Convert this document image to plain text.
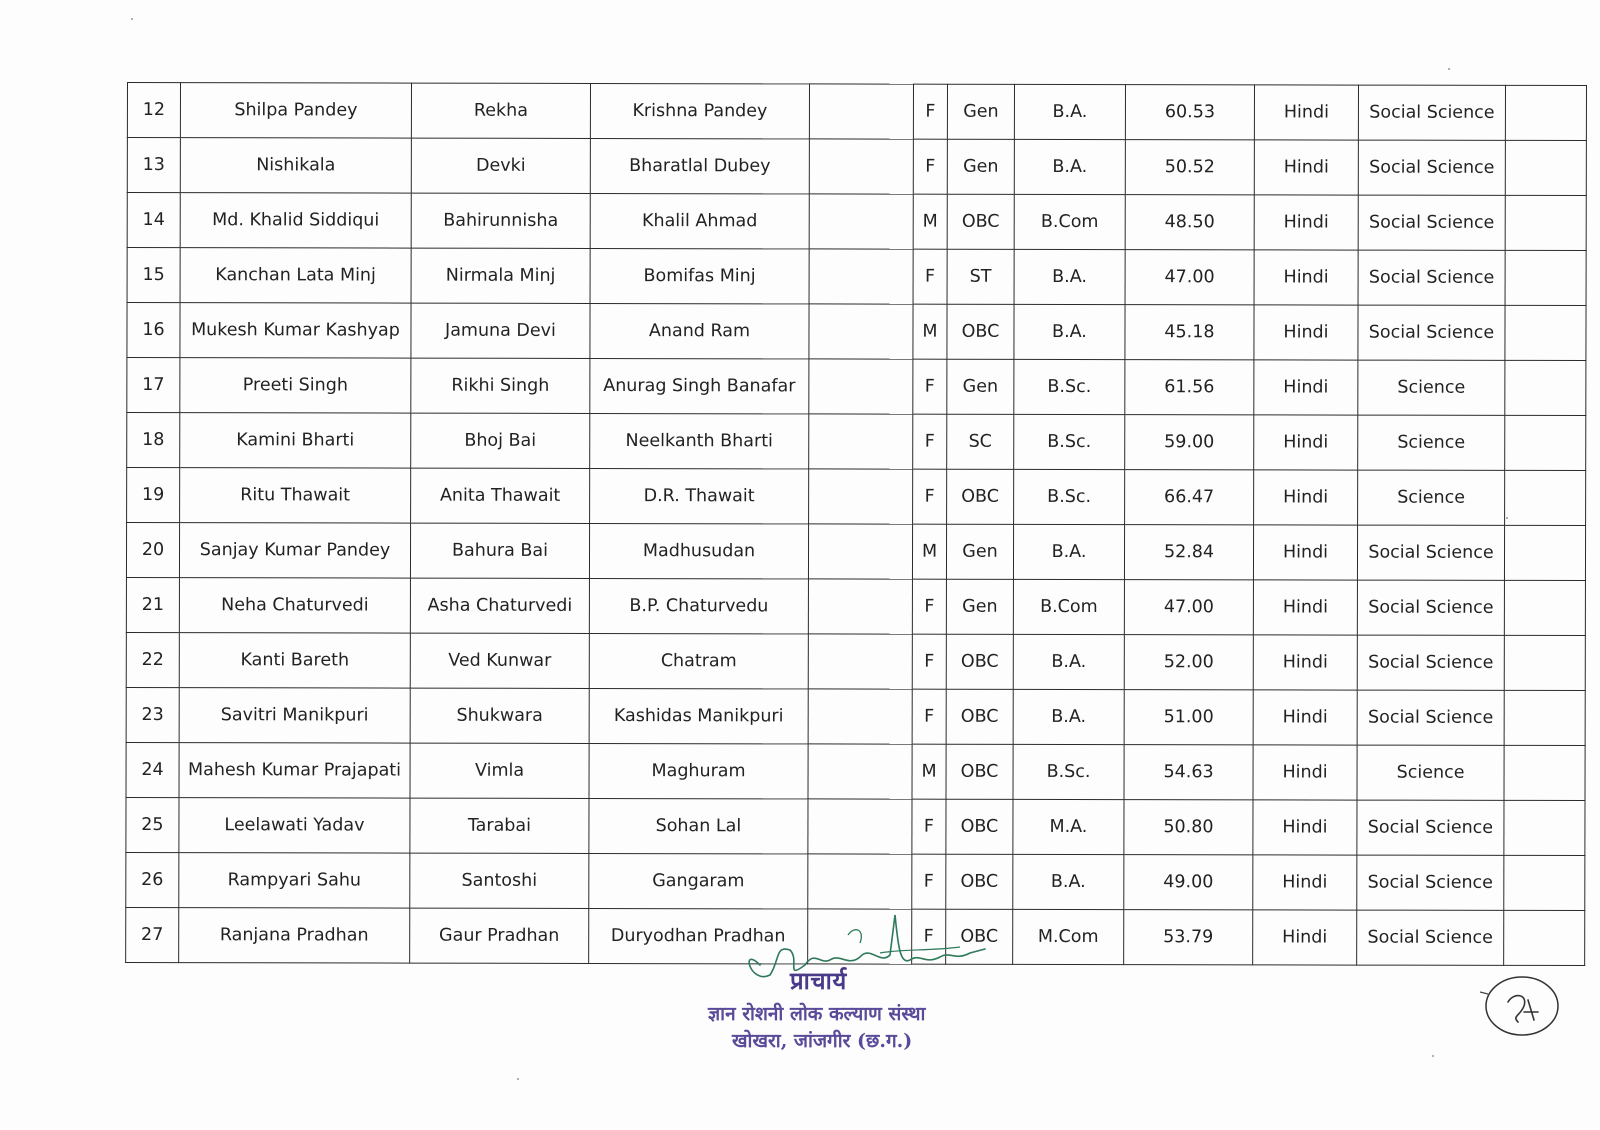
12	Shilpa Pandey	Rekha	Krishna Pandey		F	Gen	B.A.	60.53	Hindi	Social Science	
13	Nishikala	Devki	Bharatlal Dubey		F	Gen	B.A.	50.52	Hindi	Social Science	
14	Md. Khalid Siddiqui	Bahirunnisha	Khalil Ahmad		M	OBC	B.Com	48.50	Hindi	Social Science	
15	Kanchan Lata Minj	Nirmala Minj	Bomifas Minj		F	ST	B.A.	47.00	Hindi	Social Science	
16	Mukesh Kumar Kashyap	Jamuna Devi	Anand Ram		M	OBC	B.A.	45.18	Hindi	Social Science	
17	Preeti Singh	Rikhi Singh	Anurag Singh Banafar		F	Gen	B.Sc.	61.56	Hindi	Science	
18	Kamini Bharti	Bhoj Bai	Neelkanth Bharti		F	SC	B.Sc.	59.00	Hindi	Science	
19	Ritu Thawait	Anita Thawait	D.R. Thawait		F	OBC	B.Sc.	66.47	Hindi	Science	
20	Sanjay Kumar Pandey	Bahura Bai	Madhusudan		M	Gen	B.A.	52.84	Hindi	Social Science	
21	Neha Chaturvedi	Asha Chaturvedi	B.P. Chaturvedu		F	Gen	B.Com	47.00	Hindi	Social Science	
22	Kanti Bareth	Ved Kunwar	Chatram		F	OBC	B.A.	52.00	Hindi	Social Science	
23	Savitri Manikpuri	Shukwara	Kashidas Manikpuri		F	OBC	B.A.	51.00	Hindi	Social Science	
24	Mahesh Kumar Prajapati	Vimla	Maghuram		M	OBC	B.Sc.	54.63	Hindi	Science	
25	Leelawati Yadav	Tarabai	Sohan Lal		F	OBC	M.A.	50.80	Hindi	Social Science	
26	Rampyari Sahu	Santoshi	Gangaram		F	OBC	B.A.	49.00	Hindi	Social Science	
27	Ranjana Pradhan	Gaur Pradhan	Duryodhan Pradhan		F	OBC	M.Com	53.79	Hindi	Social Science	
प्राचार्य
ज्ञान रोशनी लोक कल्याण संस्था
खोखरा, जांजगीर (छ.ग.)
